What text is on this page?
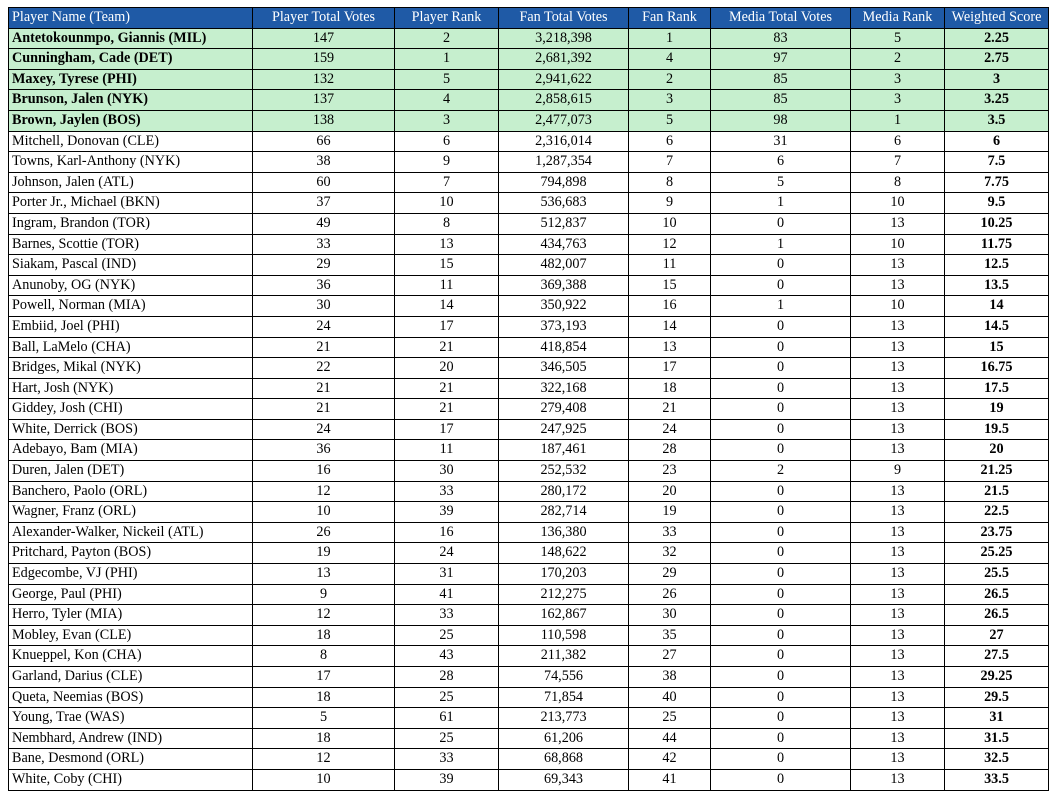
Player Name (Team)	Player Total Votes	Player Rank	Fan Total Votes	Fan Rank	Media Total Votes	Media Rank	Weighted Score
Antetokounmpo, Giannis (MIL)	147	2	3,218,398	1	83	5	2.25
Cunningham, Cade (DET)	159	1	2,681,392	4	97	2	2.75
Maxey, Tyrese (PHI)	132	5	2,941,622	2	85	3	3
Brunson, Jalen (NYK)	137	4	2,858,615	3	85	3	3.25
Brown, Jaylen (BOS)	138	3	2,477,073	5	98	1	3.5
Mitchell, Donovan (CLE)	66	6	2,316,014	6	31	6	6
Towns, Karl-Anthony (NYK)	38	9	1,287,354	7	6	7	7.5
Johnson, Jalen (ATL)	60	7	794,898	8	5	8	7.75
Porter Jr., Michael (BKN)	37	10	536,683	9	1	10	9.5
Ingram, Brandon (TOR)	49	8	512,837	10	0	13	10.25
Barnes, Scottie (TOR)	33	13	434,763	12	1	10	11.75
Siakam, Pascal (IND)	29	15	482,007	11	0	13	12.5
Anunoby, OG (NYK)	36	11	369,388	15	0	13	13.5
Powell, Norman (MIA)	30	14	350,922	16	1	10	14
Embiid, Joel (PHI)	24	17	373,193	14	0	13	14.5
Ball, LaMelo (CHA)	21	21	418,854	13	0	13	15
Bridges, Mikal (NYK)	22	20	346,505	17	0	13	16.75
Hart, Josh (NYK)	21	21	322,168	18	0	13	17.5
Giddey, Josh (CHI)	21	21	279,408	21	0	13	19
White, Derrick (BOS)	24	17	247,925	24	0	13	19.5
Adebayo, Bam (MIA)	36	11	187,461	28	0	13	20
Duren, Jalen (DET)	16	30	252,532	23	2	9	21.25
Banchero, Paolo (ORL)	12	33	280,172	20	0	13	21.5
Wagner, Franz (ORL)	10	39	282,714	19	0	13	22.5
Alexander-Walker, Nickeil (ATL)	26	16	136,380	33	0	13	23.75
Pritchard, Payton (BOS)	19	24	148,622	32	0	13	25.25
Edgecombe, VJ (PHI)	13	31	170,203	29	0	13	25.5
George, Paul (PHI)	9	41	212,275	26	0	13	26.5
Herro, Tyler (MIA)	12	33	162,867	30	0	13	26.5
Mobley, Evan (CLE)	18	25	110,598	35	0	13	27
Knueppel, Kon (CHA)	8	43	211,382	27	0	13	27.5
Garland, Darius (CLE)	17	28	74,556	38	0	13	29.25
Queta, Neemias (BOS)	18	25	71,854	40	0	13	29.5
Young, Trae (WAS)	5	61	213,773	25	0	13	31
Nembhard, Andrew (IND)	18	25	61,206	44	0	13	31.5
Bane, Desmond (ORL)	12	33	68,868	42	0	13	32.5
White, Coby (CHI)	10	39	69,343	41	0	13	33.5
